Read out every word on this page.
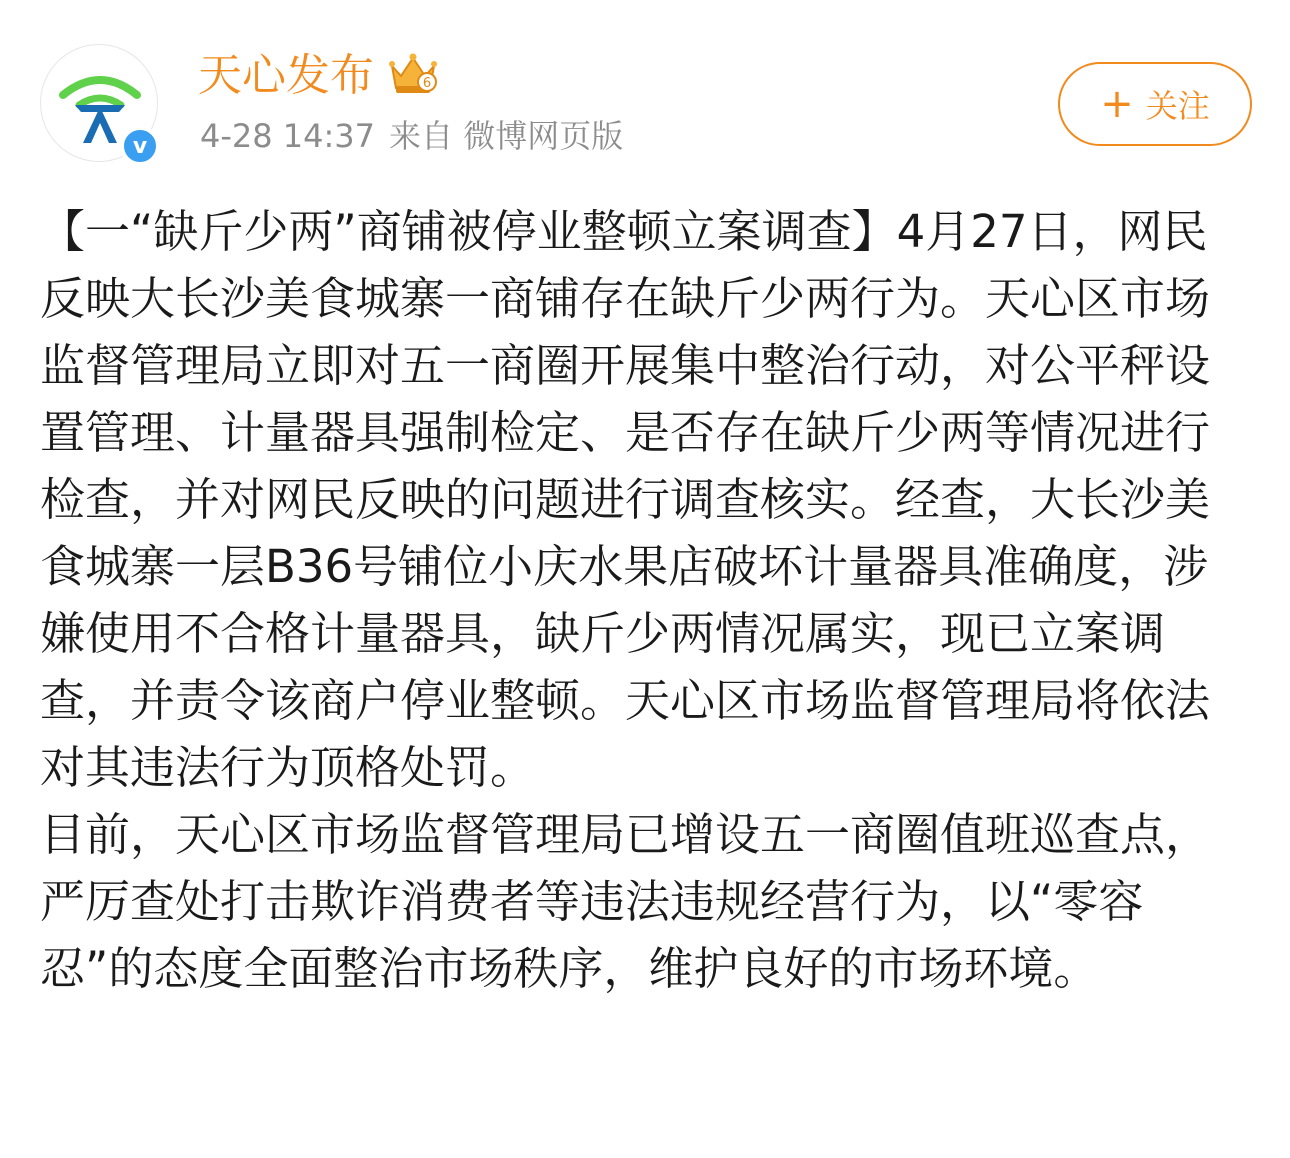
v
天心发布	6
4-28 14:37 来自 微博网页版
+ 关注

【一“缺斤少两”商铺被停业整顿立案调查】4月27日，网民反映大长沙美食城寨一商铺存在缺斤少两行为。天心区市场监督管理局立即对五一商圈开展集中整治行动，对公平秤设置管理、计量器具强制检定、是否存在缺斤少两等情况进行检查，并对网民反映的问题进行调查核实。经查，大长沙美食城寨一层B36号铺位小庆水果店破坏计量器具准确度，涉嫌使用不合格计量器具，缺斤少两情况属实，现已立案调查，并责令该商户停业整顿。天心区市场监督管理局将依法对其违法行为顶格处罚。

目前，天心区市场监督管理局已增设五一商圈值班巡查点，严厉查处打击欺诈消费者等违法违规经营行为，以“零容忍”的态度全面整治市场秩序，维护良好的市场环境。
